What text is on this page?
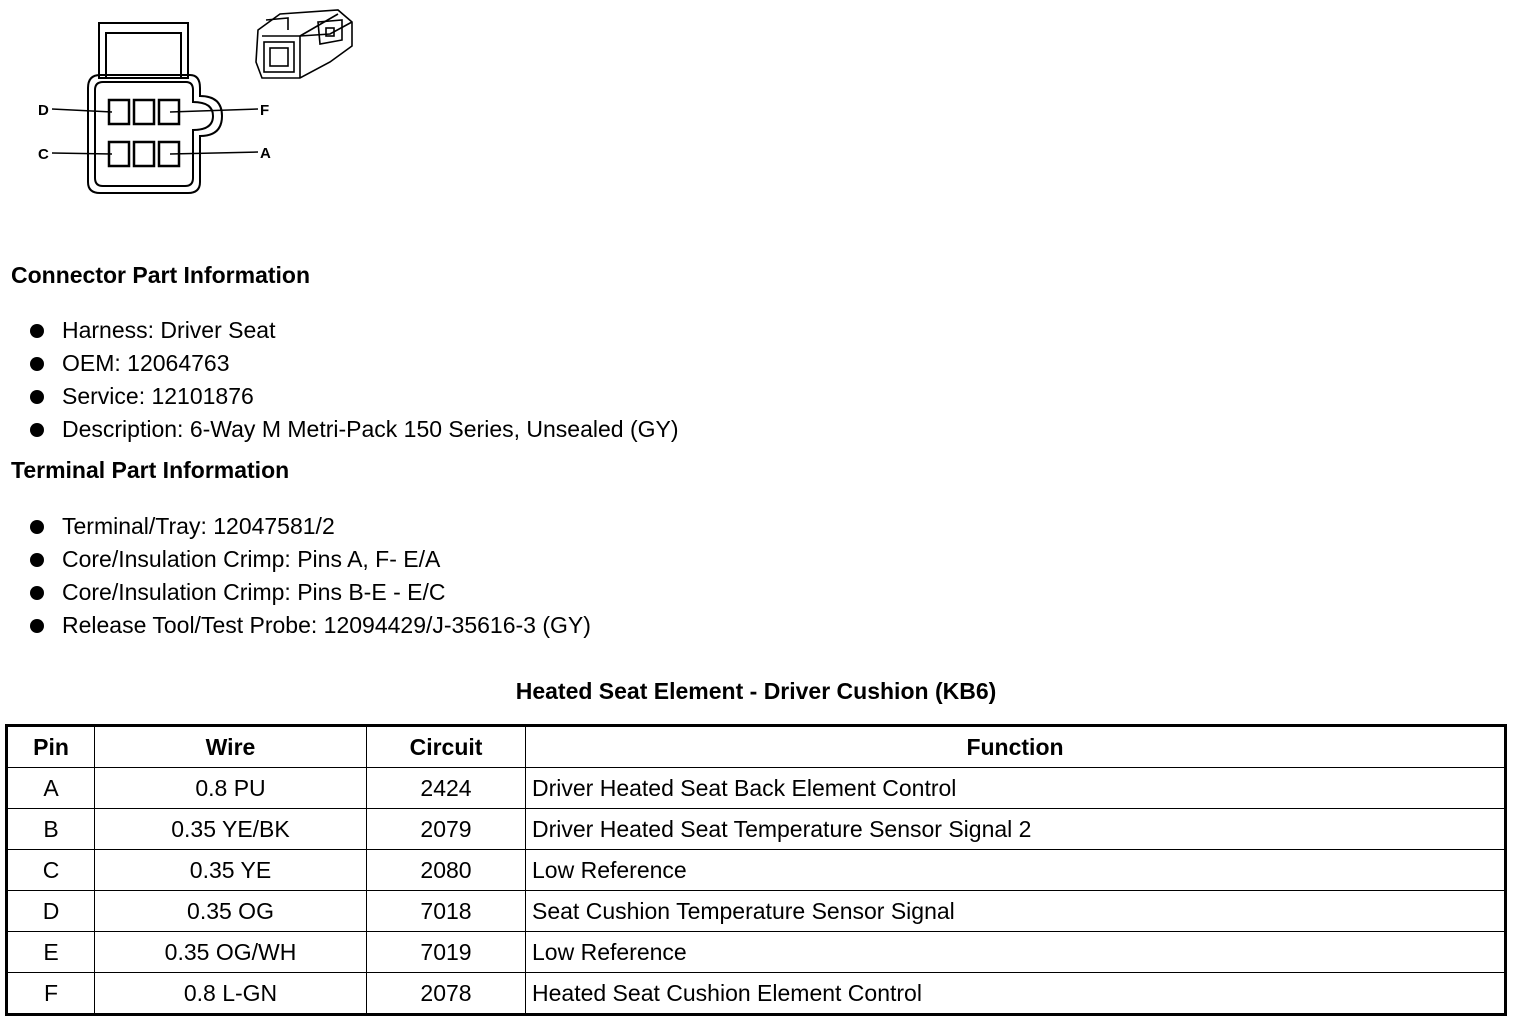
D	F
C	A
Connector Part Information
Harness: Driver Seat
OEM: 12064763
Service: 12101876
Description: 6-Way M Metri-Pack 150 Series, Unsealed (GY)
Terminal Part Information
Terminal/Tray: 12047581/2
Core/Insulation Crimp: Pins A, F- E/A
Core/Insulation Crimp: Pins B-E - E/C
Release Tool/Test Probe: 12094429/J-35616-3 (GY)
Heated Seat Element - Driver Cushion (KB6)
Pin	Wire	Circuit	Function
A	0.8 PU	2424	Driver Heated Seat Back Element Control
B	0.35 YE/BK	2079	Driver Heated Seat Temperature Sensor Signal 2
C	0.35 YE	2080	Low Reference
D	0.35 OG	7018	Seat Cushion Temperature Sensor Signal
E	0.35 OG/WH	7019	Low Reference
F	0.8 L-GN	2078	Heated Seat Cushion Element Control
